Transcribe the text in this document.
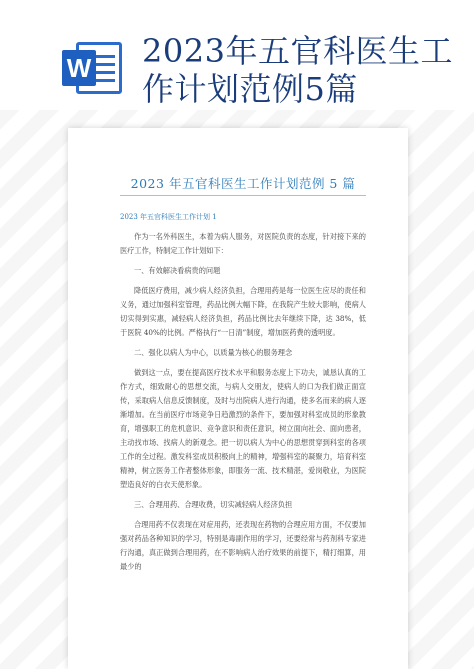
W 2023年五官科医生工作计划范例5篇
2023 年五官科医生工作计划范例 5 篇
2023 年五官科医生工作计划 1
作为一名外科医生，本着为病人服务，对医院负责的态度，针对接下来的医疗工作，特制定工作计划如下：
一、有效解决看病贵的问题
降低医疗费用，减少病人经济负担，合理用药是每一位医生应尽的责任和义务，通过加强科室管理，药品比例大幅下降，在我院产生较大影响，使病人切实得到实惠，减轻病人经济负担，药品比例比去年继续下降，达 38%，低于医院 40%的比例。严格执行“一日清”制度，增加医药费的透明度。
二、强化以病人为中心，以质量为核心的服务理念
做到这一点，要在提高医疗技术水平和服务态度上下功夫，诚恳认真的工作方式，细致耐心的思想交流，与病人交朋友，使病人的口为我们做正面宣传，采取病人信息反馈制度，及时与出院病人进行沟通，使多名而来的病人逐渐增加。在当前医疗市场竞争日趋激烈的条件下，要加强对科室成员的形象教育，增强职工的危机意识、竞争意识和责任意识，树立面向社会、面向患者，主动找市场、找病人的新观念。把一切以病人为中心的思想贯穿到科室的各项工作的全过程。激发科室成员积极向上的精神，增强科室的凝聚力，培育科室精神，树立医务工作者整体形象，即服务一流、技术精湛，爱岗敬业，为医院塑造良好的白衣天使形象。
三、合理用药、合理收费，切实减轻病人经济负担
合理用药不仅表现在对症用药，还表现在药物的合理应用方面，不仅要加强对药品各种知识的学习，特别是毒副作用的学习，还要经常与药剂科专家进行沟通，真正做到合理用药，在不影响病人治疗效果的前提下，精打细算，用最少的
